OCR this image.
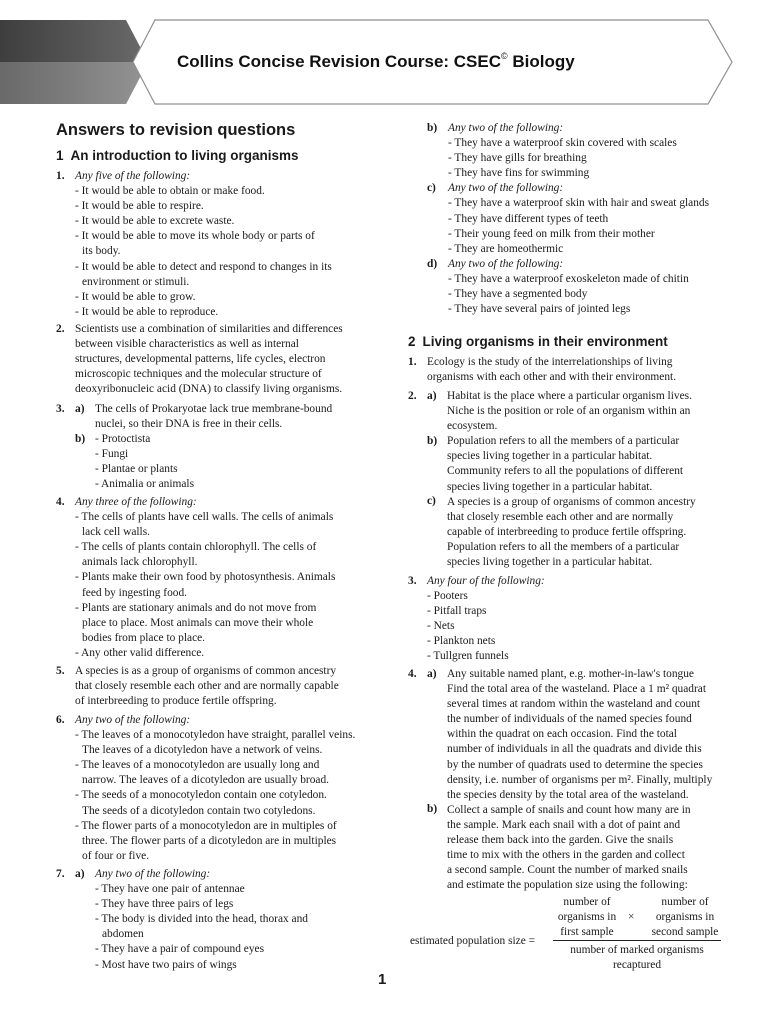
Collins Concise Revision Course: CSEC© Biology
Answers to revision questions
1 An introduction to living organisms
1. Any five of the following:
- It would be able to obtain or make food.
- It would be able to respire.
- It would be able to excrete waste.
- It would be able to move its whole body or parts of
its body.
- It would be able to detect and respond to changes in its
environment or stimuli.
- It would be able to grow.
- It would be able to reproduce.
2. Scientists use a combination of similarities and differences
between visible characteristics as well as internal
structures, developmental patterns, life cycles, electron
microscopic techniques and the molecular structure of
deoxyribonucleic acid (DNA) to classify living organisms.
3. a) The cells of Prokaryotae lack true membrane-bound
nuclei, so their DNA is free in their cells.
b) - Protoctista
- Fungi
- Plantae or plants
- Animalia or animals
4. Any three of the following:
- The cells of plants have cell walls. The cells of animals
lack cell walls.
- The cells of plants contain chlorophyll. The cells of
animals lack chlorophyll.
- Plants make their own food by photosynthesis. Animals
feed by ingesting food.
- Plants are stationary animals and do not move from
place to place. Most animals can move their whole
bodies from place to place.
- Any other valid difference.
5. A species is as a group of organisms of common ancestry
that closely resemble each other and are normally capable
of interbreeding to produce fertile offspring.
6. Any two of the following:
- The leaves of a monocotyledon have straight, parallel veins.
The leaves of a dicotyledon have a network of veins.
- The leaves of a monocotyledon are usually long and
narrow. The leaves of a dicotyledon are usually broad.
- The seeds of a monocotyledon contain one cotyledon.
The seeds of a dicotyledon contain two cotyledons.
- The flower parts of a monocotyledon are in multiples of
three. The flower parts of a dicotyledon are in multiples
of four or five.
7. a) Any two of the following:
- They have one pair of antennae
- They have three pairs of legs
- The body is divided into the head, thorax and
abdomen
- They have a pair of compound eyes
- Most have two pairs of wings
b) Any two of the following:
- They have a waterproof skin covered with scales
- They have gills for breathing
- They have fins for swimming
c) Any two of the following:
- They have a waterproof skin with hair and sweat glands
- They have different types of teeth
- Their young feed on milk from their mother
- They are homeothermic
d) Any two of the following:
- They have a waterproof exoskeleton made of chitin
- They have a segmented body
- They have several pairs of jointed legs
2 Living organisms in their environment
1. Ecology is the study of the interrelationships of living
organisms with each other and with their environment.
2. a) Habitat is the place where a particular organism lives.
Niche is the position or role of an organism within an
ecosystem.
b) Population refers to all the members of a particular
species living together in a particular habitat.
Community refers to all the populations of different
species living together in a particular habitat.
c) A species is a group of organisms of common ancestry
that closely resemble each other and are normally
capable of interbreeding to produce fertile offspring.
Population refers to all the members of a particular
species living together in a particular habitat.
3. Any four of the following:
- Pooters
- Pitfall traps
- Nets
- Plankton nets
- Tullgren funnels
4. a) Any suitable named plant, e.g. mother-in-law's tongue
Find the total area of the wasteland. Place a 1 m² quadrat
several times at random within the wasteland and count
the number of individuals of the named species found
within the quadrat on each occasion. Find the total
number of individuals in all the quadrats and divide this
by the number of quadrats used to determine the species
density, i.e. number of organisms per m². Finally, multiply
the species density by the total area of the wasteland.
b) Collect a sample of snails and count how many are in
the sample. Mark each snail with a dot of paint and
release them back into the garden. Give the snails
time to mix with the others in the garden and collect
a second sample. Count the number of marked snails
and estimate the population size using the following:
number of
organisms in
first sample
×
number of
organisms in
second sample
estimated population size =
number of marked organisms
recaptured
1
